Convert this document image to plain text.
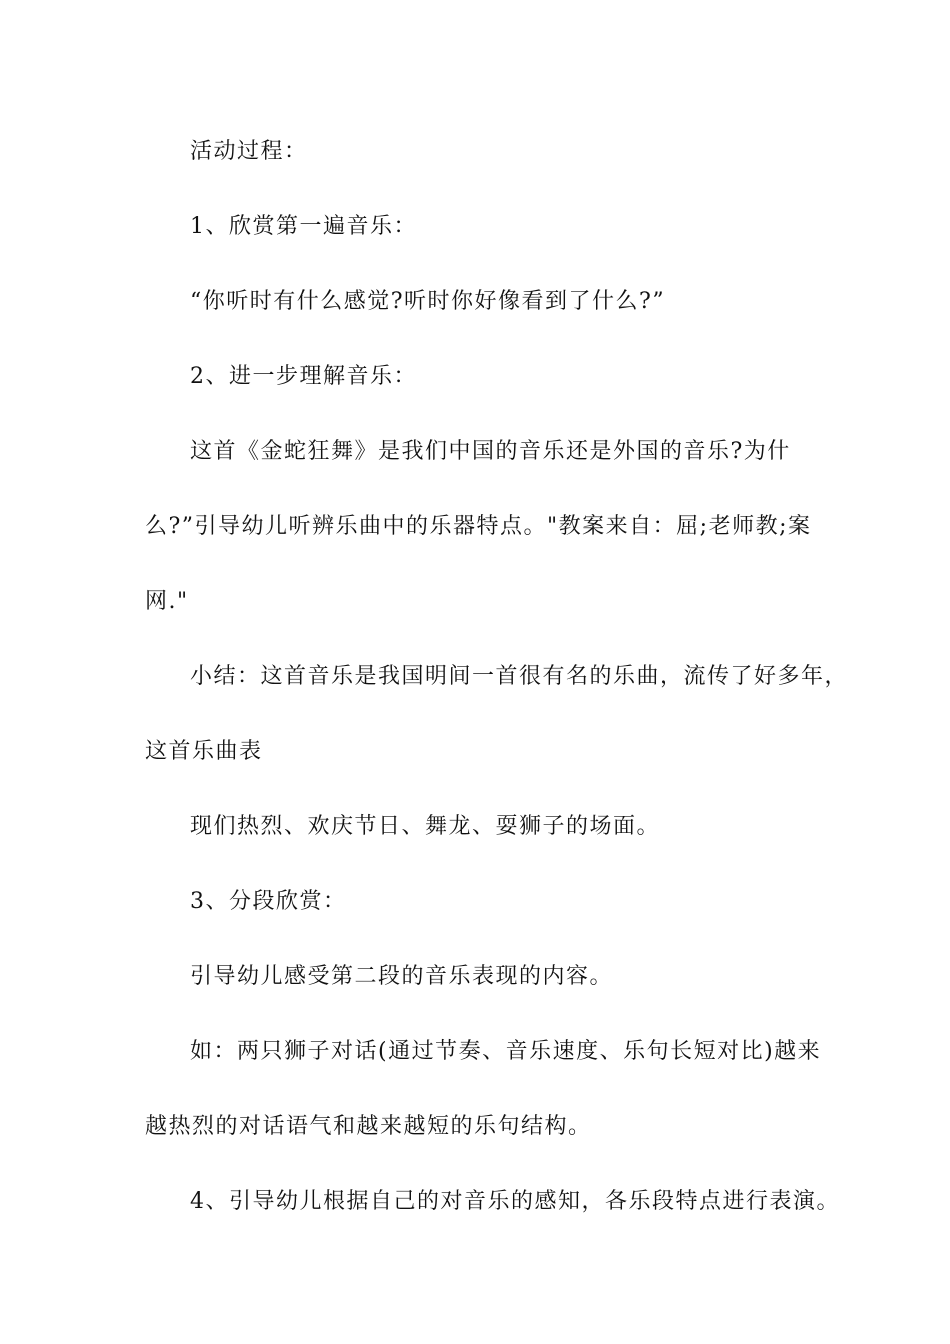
活动过程：
1、欣赏第一遍音乐：
“你听时有什么感觉?听时你好像看到了什么?”
2、进一步理解音乐：
这首《金蛇狂舞》是我们中国的音乐还是外国的音乐?为什
么?”引导幼儿听辨乐曲中的乐器特点。"教案来自：屈;老师教;案
网."
小结：这首音乐是我国明间一首很有名的乐曲，流传了好多年，
这首乐曲表
现们热烈、欢庆节日、舞龙、耍狮子的场面。
3、分段欣赏：
引导幼儿感受第二段的音乐表现的内容。
如：两只狮子对话(通过节奏、音乐速度、乐句长短对比)越来
越热烈的对话语气和越来越短的乐句结构。
4、引导幼儿根据自己的对音乐的感知，各乐段特点进行表演。
